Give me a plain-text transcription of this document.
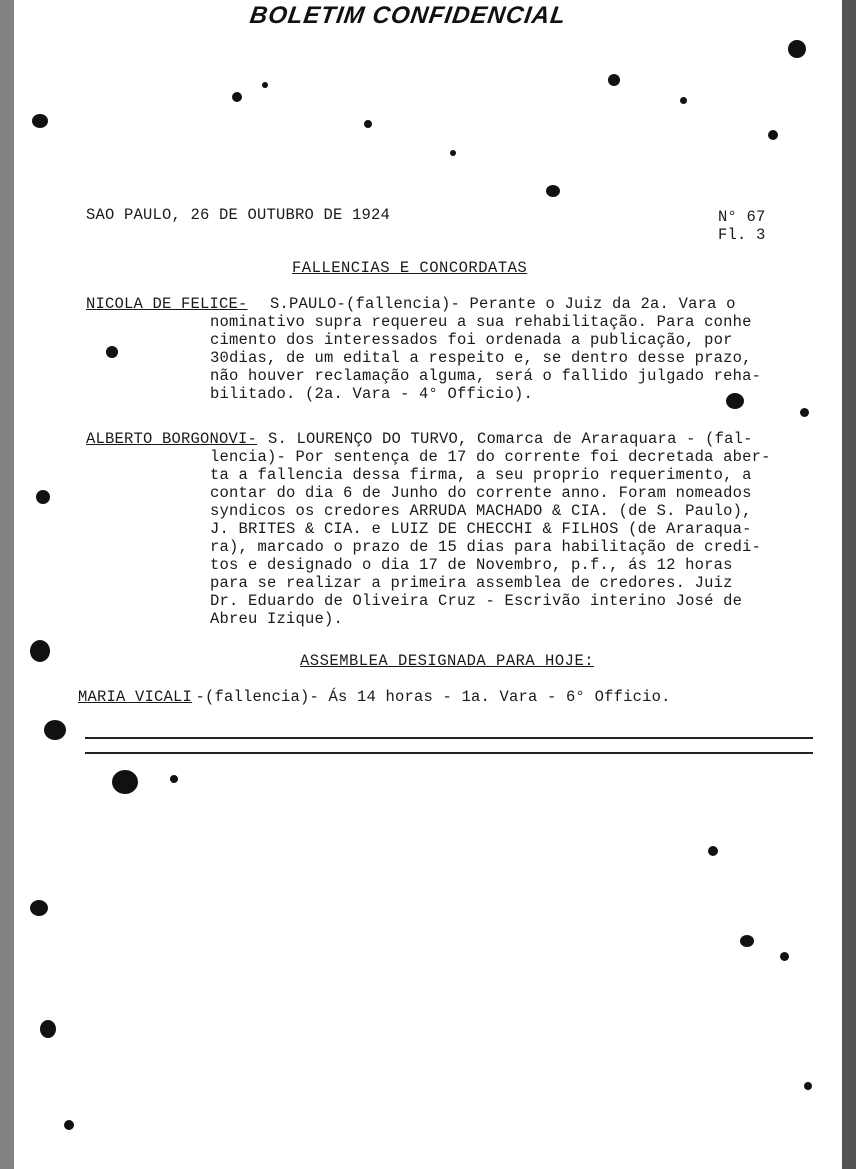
BOLETIM CONFIDENCIAL
SAO PAULO, 26 DE OUTUBRO DE 1924	N° 67
Fl. 3
FALLENCIAS E CONCORDATAS
NICOLA DE FELICE- S.PAULO-(fallencia)- Perante o Juiz da 2a. Vara o
nominativo supra requereu a sua rehabilitação. Para conhe
cimento dos interessados foi ordenada a publicação, por
30dias, de um edital a respeito e, se dentro desse prazo,
não houver reclamação alguma, será o fallido julgado reha-
bilitado. (2a. Vara - 4° Officio).
ALBERTO BORGONOVI- S. LOURENÇO DO TURVO, Comarca de Araraquara - (fal-
lencia)- Por sentença de 17 do corrente foi decretada aber-
ta a fallencia dessa firma, a seu proprio requerimento, a
contar do dia 6 de Junho do corrente anno. Foram nomeados
syndicos os credores ARRUDA MACHADO & CIA. (de S. Paulo),
J. BRITES & CIA. e LUIZ DE CHECCHI & FILHOS (de Araraqua-
ra), marcado o prazo de 15 dias para habilitação de credi-
tos e designado o dia 17 de Novembro, p.f., ás 12 horas
para se realizar a primeira assemblea de credores. Juiz
Dr. Eduardo de Oliveira Cruz - Escrivão interino José de
Abreu Izique).
ASSEMBLEA DESIGNADA PARA HOJE:
MARIA VICALI
-(fallencia)- Ás 14 horas - 1a. Vara - 6° Officio.
